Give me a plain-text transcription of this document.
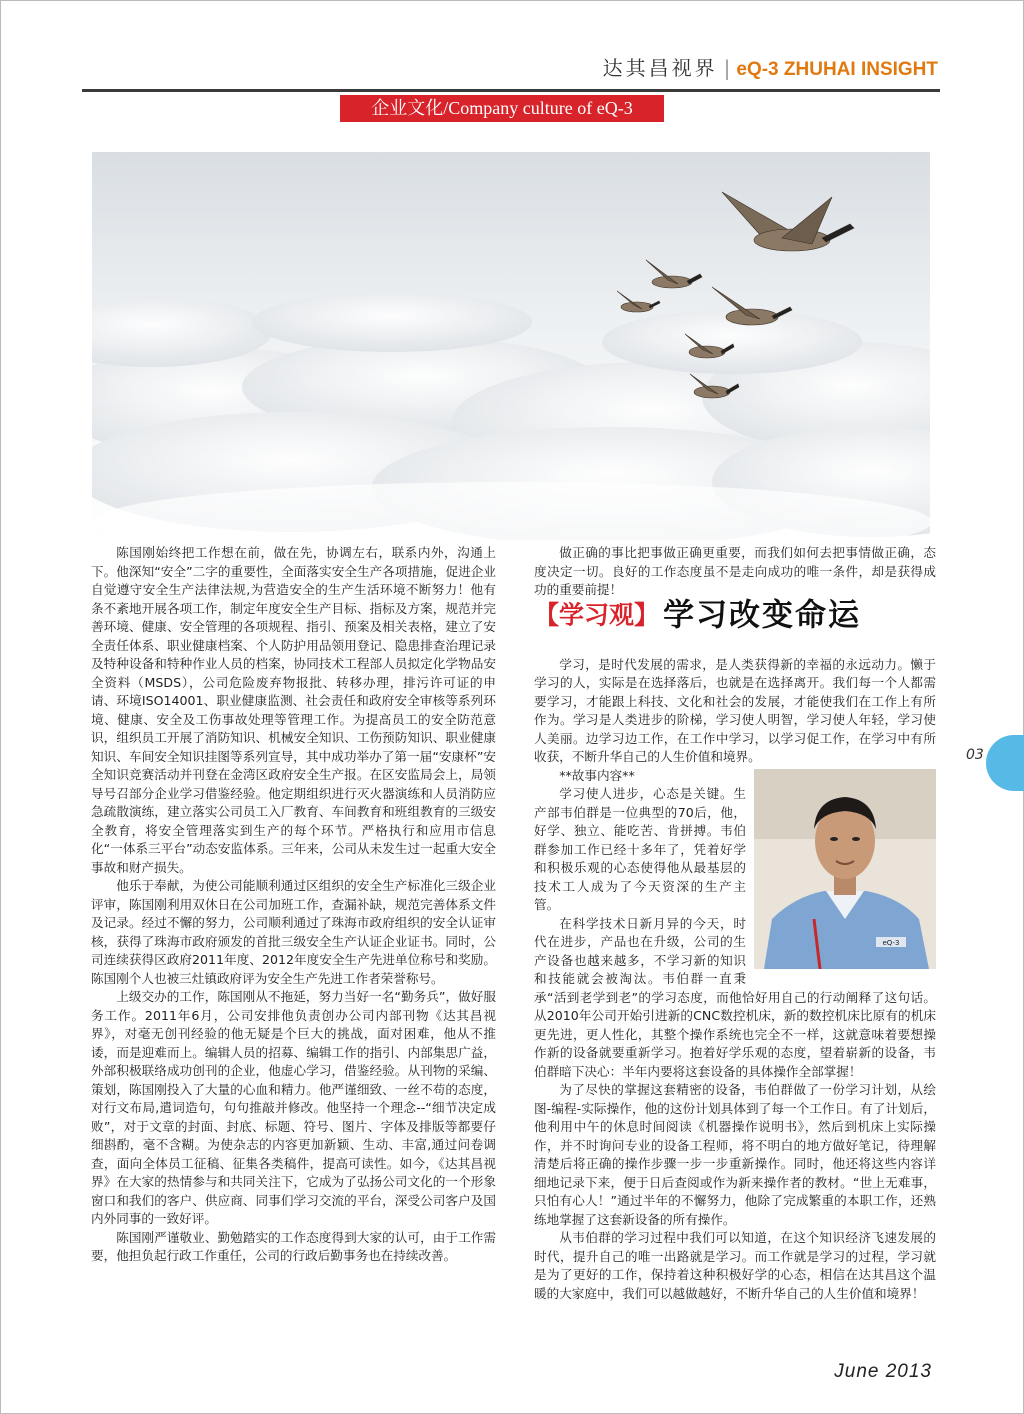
达其昌视界 | eQ-3 ZHUHAI INSIGHT
企业文化/Company culture of eQ-3

陈国刚始终把工作想在前，做在先，协调左右，联系内外，沟通上下。他深知“安全”二字的重要性，全面落实安全生产各项措施，促进企业自觉遵守安全生产法律法规,为营造安全的生产生活环境不断努力！他有条不紊地开展各项工作，制定年度安全生产目标、指标及方案，规范并完善环境、健康、安全管理的各项规程、指引、预案及相关表格，建立了安全责任体系、职业健康档案、个人防护用品领用登记、隐患排查治理记录及特种设备和特种作业人员的档案，协同技术工程部人员拟定化学物品安全资料（MSDS），公司危险废弃物报批、转移办理，排污许可证的申请、环境ISO14001、职业健康监测、社会责任和政府安全审核等系列环境、健康、安全及工伤事故处理等管理工作。为提高员工的安全防范意识，组织员工开展了消防知识、机械安全知识、工伤预防知识、职业健康知识、车间安全知识挂图等系列宣导，其中成功举办了第一届“安康杯”安全知识竞赛活动并刊登在金湾区政府安全生产报。在区安监局会上，局领导号召部分企业学习借鉴经验。他定期组织进行灭火器演练和人员消防应急疏散演练，建立落实公司员工入厂教育、车间教育和班组教育的三级安全教育，将安全管理落实到生产的每个环节。严格执行和应用市信息化“一体系三平台”动态安监体系。三年来，公司从未发生过一起重大安全事故和财产损失。

他乐于奉献，为使公司能顺利通过区组织的安全生产标准化三级企业评审，陈国刚利用双休日在公司加班工作，查漏补缺，规范完善体系文件及记录。经过不懈的努力，公司顺利通过了珠海市政府组织的安全认证审核，获得了珠海市政府颁发的首批三级安全生产认证企业证书。同时，公司连续获得区政府2011年度、2012年度安全生产先进单位称号和奖励。陈国刚个人也被三灶镇政府评为安全生产先进工作者荣誉称号。

上级交办的工作，陈国刚从不拖延，努力当好一名“勤务兵”，做好服务工作。2011年6月，公司安排他负责创办公司内部刊物《达其昌视界》，对毫无创刊经验的他无疑是个巨大的挑战，面对困难，他从不推诿，而是迎难而上。编辑人员的招募、编辑工作的指引、内部集思广益，外部积极联络成功创刊的企业，他虚心学习，借鉴经验。从刊物的采编、策划，陈国刚投入了大量的心血和精力。他严谨细致、一丝不苟的态度，对行文布局,遣词造句，句句推敲并修改。他坚持一个理念--“细节决定成败”，对于文章的封面、封底、标题、符号、图片、字体及排版等都要仔细斟酌，毫不含糊。为使杂志的内容更加新颖、生动、丰富,通过问卷调查，面向全体员工征稿、征集各类稿件，提高可读性。如今，《达其昌视界》在大家的热情参与和共同关注下，它成为了弘扬公司文化的一个形象窗口和我们的客户、供应商、同事们学习交流的平台，深受公司客户及国内外同事的一致好评。

陈国刚严谨敬业、勤勉踏实的工作态度得到大家的认可，由于工作需要，他担负起行政工作重任，公司的行政后勤事务也在持续改善。

做正确的事比把事做正确更重要，而我们如何去把事情做正确，态度决定一切。良好的工作态度虽不是走向成功的唯一条件，却是获得成功的重要前提！

【学习观】 学习改变命运

学习，是时代发展的需求，是人类获得新的幸福的永远动力。懒于学习的人，实际是在选择落后，也就是在选择离开。我们每一个人都需要学习，才能跟上科技、文化和社会的发展，才能使我们在工作上有所作为。学习是人类进步的阶梯，学习使人明智，学习使人年轻，学习使人美丽。边学习边工作，在工作中学习，以学习促工作，在学习中有所收获，不断升华自己的人生价值和境界。

eQ-3

**故事内容**

学习使人进步，心态是关键。生产部韦伯群是一位典型的70后，他，好学、独立、能吃苦、肯拼搏。韦伯群参加工作已经十多年了，凭着好学和积极乐观的心态使得他从最基层的技术工人成为了今天资深的生产主管。

在科学技术日新月异的今天，时代在进步，产品也在升级，公司的生产设备也越来越多，不学习新的知识和技能就会被淘汰。韦伯群一直秉承“活到老学到老”的学习态度，而他恰好用自己的行动阐释了这句话。从2010年公司开始引进新的CNC数控机床，新的数控机床比原有的机床更先进，更人性化，其整个操作系统也完全不一样，这就意味着要想操作新的设备就要重新学习。抱着好学乐观的态度，望着崭新的设备，韦伯群暗下决心：半年内要将这套设备的具体操作全部掌握！

为了尽快的掌握这套精密的设备，韦伯群做了一份学习计划，从绘图-编程-实际操作，他的这份计划具体到了每一个工作日。有了计划后，他利用中午的休息时间阅读《机器操作说明书》，然后到机床上实际操作，并不时询问专业的设备工程师，将不明白的地方做好笔记，待理解清楚后将正确的操作步骤一步一步重新操作。同时，他还将这些内容详细地记录下来，便于日后查阅或作为新来操作者的教材。“世上无难事，只怕有心人！”通过半年的不懈努力，他除了完成繁重的本职工作，还熟练地掌握了这套新设备的所有操作。

从韦伯群的学习过程中我们可以知道，在这个知识经济飞速发展的时代，提升自己的唯一出路就是学习。而工作就是学习的过程，学习就是为了更好的工作，保持着这种积极好学的心态，相信在达其昌这个温暖的大家庭中，我们可以越做越好，不断升华自己的人生价值和境界！

03
June 2013
